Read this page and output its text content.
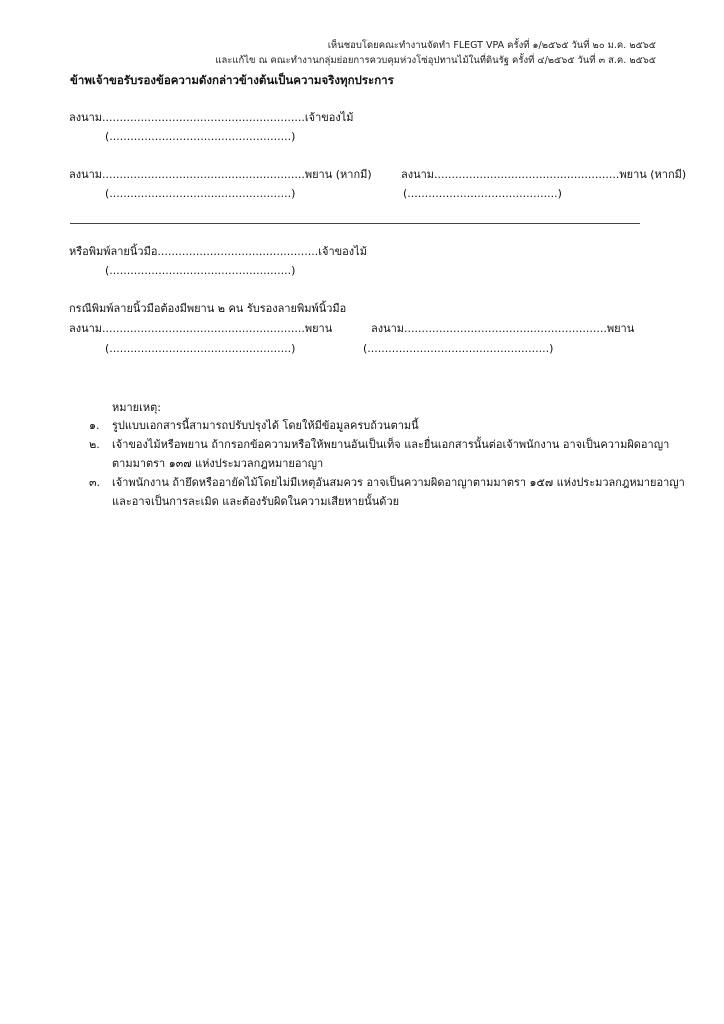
เห็นชอบโดยคณะทำงานจัดทำ FLEGT VPA ครั้งที่ ๑/๒๕๖๕ วันที่ ๒๐ ม.ค. ๒๕๖๕
และแก้ไข ณ คณะทำงานกลุ่มย่อยการควบคุมห่วงโซ่อุปทานไม้ในที่ดินรัฐ ครั้งที่ ๔/๒๕๖๕ วันที่ ๓ ส.ค. ๒๕๖๕
ข้าพเจ้าขอรับรองข้อความดังกล่าวข้างต้นเป็นความจริงทุกประการ
ลงนาม..........................................................เจ้าของไม้
(....................................................)
ลงนาม..........................................................พยาน (หากมี)
(....................................................)
ลงนาม.....................................................พยาน (หากมี)
(...........................................)
หรือพิมพ์ลายนิ้วมือ..............................................เจ้าของไม้
(....................................................)
กรณีพิมพ์ลายนิ้วมือต้องมีพยาน ๒ คน รับรองลายพิมพ์นิ้วมือ
ลงนาม..........................................................พยาน
(....................................................)
ลงนาม..........................................................พยาน
(....................................................)
หมายเหตุ:
๑. รูปแบบเอกสารนี้สามารถปรับปรุงได้ โดยให้มีข้อมูลครบถ้วนตามนี้
๒. เจ้าของไม้หรือพยาน ถ้ากรอกข้อความหรือให้พยานอันเป็นเท็จ และยื่นเอกสารนั้นต่อเจ้าพนักงาน อาจเป็นความผิดอาญา
ตามมาตรา ๑๓๗ แห่งประมวลกฎหมายอาญา
๓. เจ้าพนักงาน ถ้ายึดหรืออายัดไม้โดยไม่มีเหตุอันสมควร อาจเป็นความผิดอาญาตามมาตรา ๑๕๗ แห่งประมวลกฎหมายอาญา
และอาจเป็นการละเมิด และต้องรับผิดในความเสียหายนั้นด้วย
